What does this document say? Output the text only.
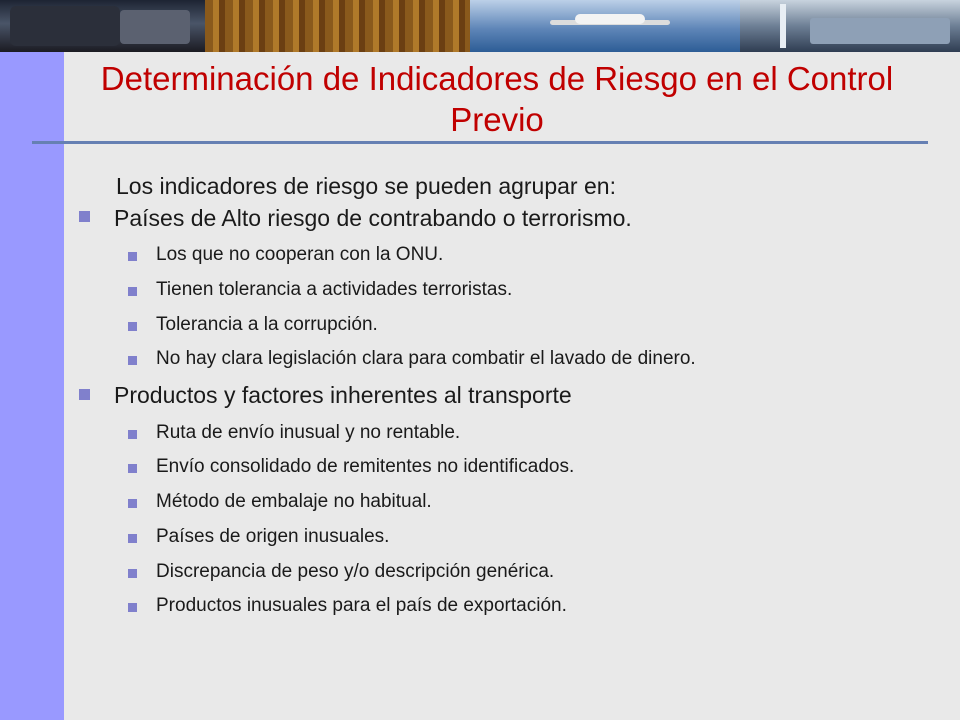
Determinación de Indicadores de Riesgo en el Control Previo
Los indicadores de riesgo se pueden agrupar en:
Países de Alto riesgo de contrabando o terrorismo.
Los que no cooperan con la ONU.
Tienen tolerancia a actividades terroristas.
Tolerancia a la corrupción.
No hay clara legislación clara para combatir el lavado de dinero.
Productos y factores inherentes al transporte
Ruta de envío inusual y no rentable.
Envío consolidado de remitentes no identificados.
Método de embalaje no habitual.
Países de origen inusuales.
Discrepancia de peso y/o descripción genérica.
Productos inusuales para el país de exportación.
